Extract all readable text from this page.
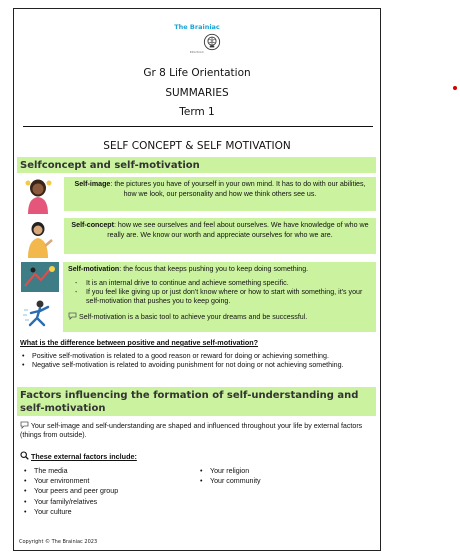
The Brainiac
BRAINIAC
Gr 8 Life Orientation
SUMMARIES
Term 1
SELF CONCEPT & SELF MOTIVATION
Selfconcept and self-motivation
Self-image: the pictures you have of yourself in your own mind. It has to do with our abilities, how we look, our personality and how we think others see us.
Self-concept: how we see ourselves and feel about ourselves. We have knowledge of who we really are. We know our worth and appreciate ourselves for who we are.
Self-motivation: the focus that keeps pushing you to keep doing something.
- It is an internal drive to continue and achieve something specific.
- If you feel like giving up or just don't know where or how to start with something, it's your self-motivation that pushes you to keep going.
Self-motivation is a basic tool to achieve your dreams and be successful.
What is the difference between positive and negative self-motivation?
• Positive self-motivation is related to a good reason or reward for doing or achieving something.
• Negative self-motivation is related to avoiding punishment for not doing or not achieving something.
Factors influencing the formation of self-understanding and self-motivation
Your self-image and self-understanding are shaped and influenced throughout your life by external factors (things from outside).
These external factors include:
• The media
• Your environment
• Your peers and peer group
• Your family/relatives
• Your culture
• Your religion
• Your community
Copyright © The Brainiac 2023
